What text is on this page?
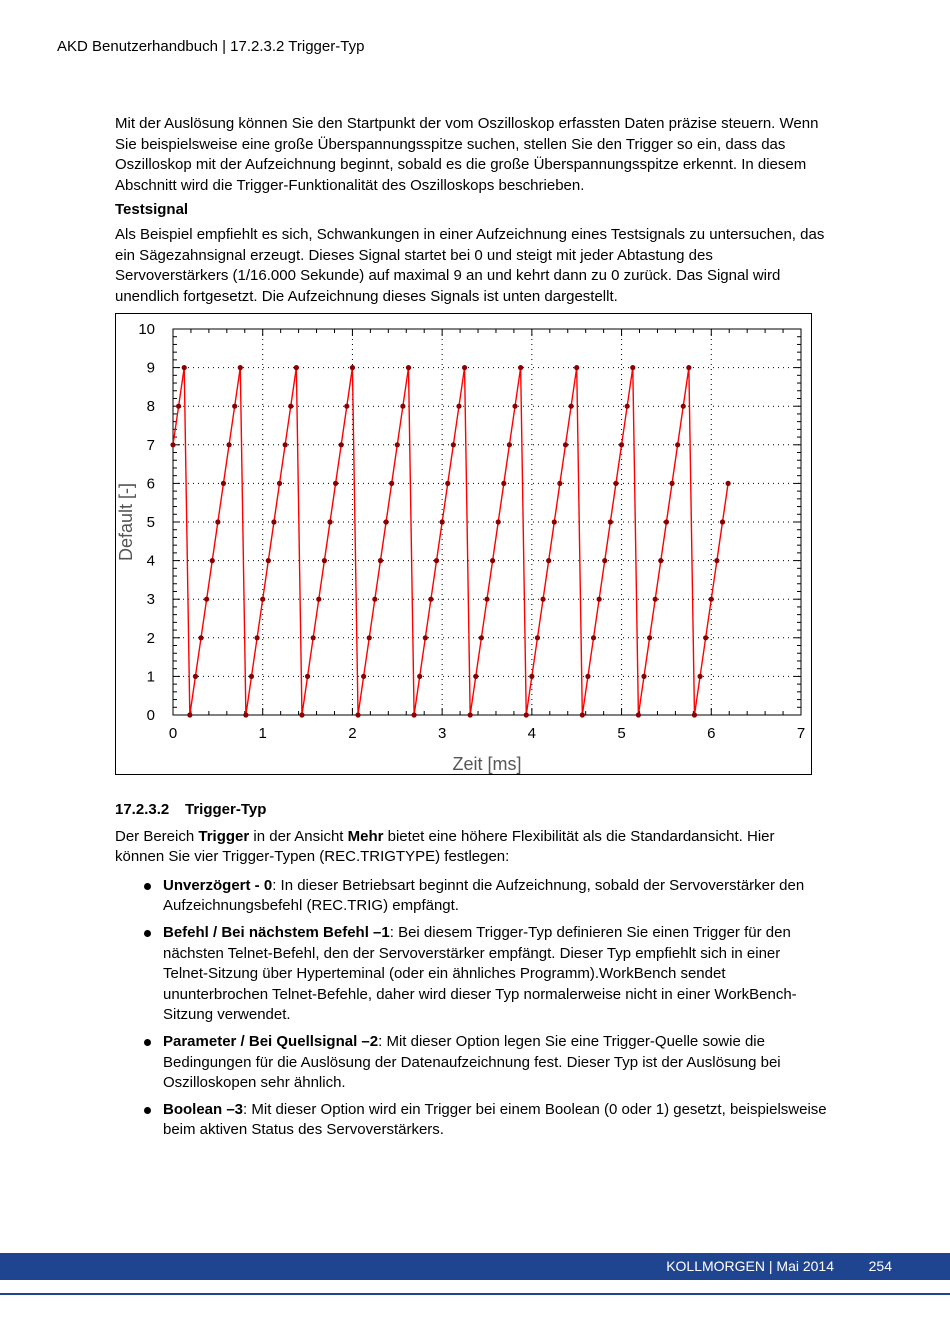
AKD Benutzerhandbuch | 17.2.3.2 Trigger-Typ

Mit der Auslösung können Sie den Startpunkt der vom Oszilloskop erfassten Daten präzise steuern. Wenn Sie beispielsweise eine große Überspannungsspitze suchen, stellen Sie den Trigger so ein, dass das Oszilloskop mit der Aufzeichnung beginnt, sobald es die große Überspannungsspitze erkennt. In diesem Abschnitt wird die Trigger-Funktionalität des Oszilloskops beschrieben.

Testsignal

Als Beispiel empfiehlt es sich, Schwankungen in einer Aufzeichnung eines Testsignals zu untersuchen, das ein Sägezahnsignal erzeugt. Dieses Signal startet bei 0 und steigt mit jeder Abtastung des Servoverstärkers (1/16.000 Sekunde) auf maximal 9 an und kehrt dann zu 0 zurück. Das Signal wird unendlich fortgesetzt. Die Aufzeichnung dieses Signals ist unten dargestellt.

0	1	2	3	4	5	6	7
0
1
2
3
4
5
6
7
8
9
10
Zeit [ms]
Default [-]
17.2.3.2 Trigger-Typ

Der Bereich Trigger in der Ansicht Mehr bietet eine höhere Flexibilität als die Standardansicht. Hier können Sie vier Trigger-Typen (REC.TRIGTYPE) festlegen:

Unverzögert - 0: In dieser Betriebsart beginnt die Aufzeichnung, sobald der Servoverstärker den Aufzeichnungsbefehl (REC.TRIG) empfängt.
Befehl / Bei nächstem Befehl –1: Bei diesem Trigger-Typ definieren Sie einen Trigger für den nächsten Telnet-Befehl, den der Servoverstärker empfängt. Dieser Typ empfiehlt sich in einer Telnet-Sitzung über Hyperteminal (oder ein ähnliches Programm).WorkBench sendet ununterbrochen Telnet-Befehle, daher wird dieser Typ normalerweise nicht in einer WorkBench-Sitzung verwendet.
Parameter / Bei Quellsignal –2: Mit dieser Option legen Sie eine Trigger-Quelle sowie die Bedingungen für die Auslösung der Datenaufzeichnung fest. Dieser Typ ist der Auslösung bei Oszilloskopen sehr ähnlich.
Boolean –3: Mit dieser Option wird ein Trigger bei einem Boolean (0 oder 1) gesetzt, beispielsweise beim aktiven Status des Servoverstärkers.
KOLLMORGEN | Mai 2014 254
